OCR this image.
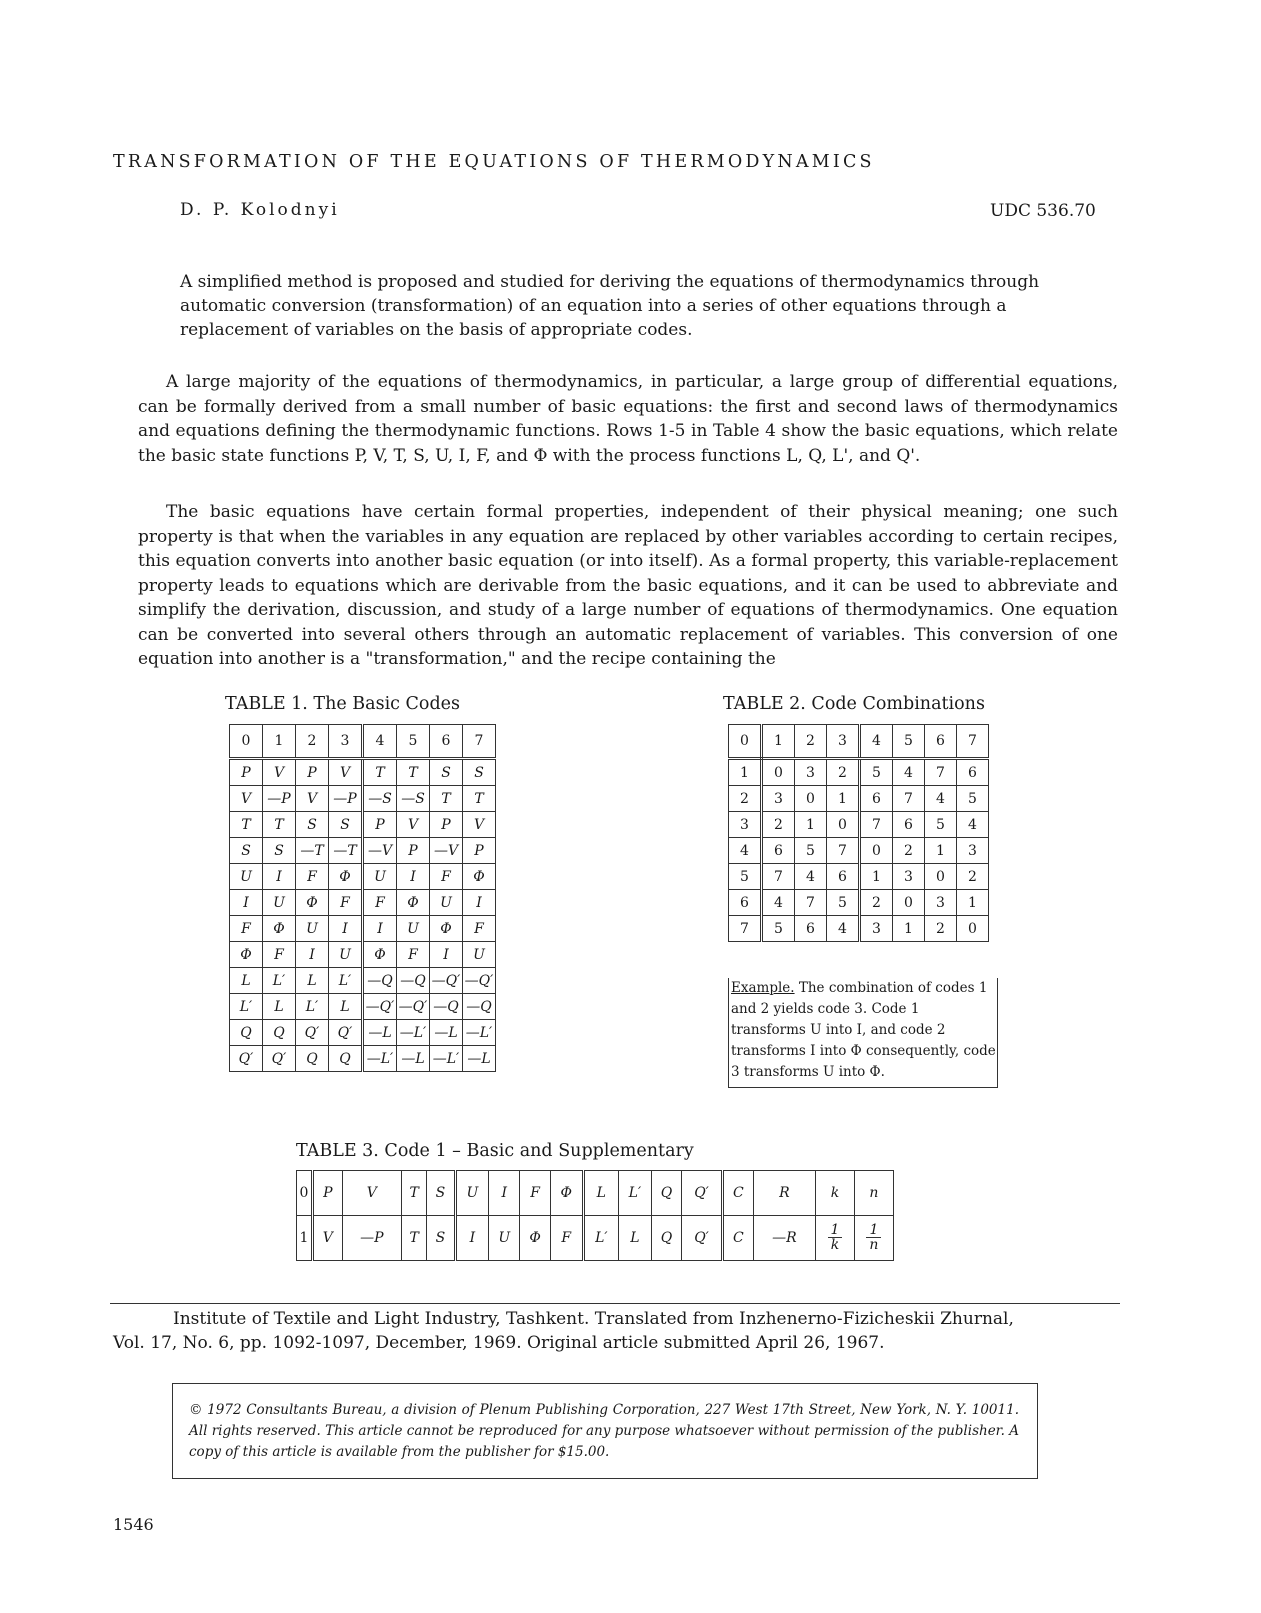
TRANSFORMATION OF THE EQUATIONS OF THERMODYNAMICS
D. P. Kolodnyi	UDC 536.70
A simplified method is proposed and studied for deriving the equations of thermodynamics through automatic conversion (transformation) of an equation into a series of other equations through a replacement of variables on the basis of appropriate codes.

A large majority of the equations of thermodynamics, in particular, a large group of differential equations, can be formally derived from a small number of basic equations: the first and second laws of thermodynamics and equations defining the thermodynamic functions. Rows 1-5 in Table 4 show the basic equations, which relate the basic state functions P, V, T, S, U, I, F, and Φ with the process functions L, Q, L', and Q'.

The basic equations have certain formal properties, independent of their physical meaning; one such property is that when the variables in any equation are replaced by other variables according to certain recipes, this equation converts into another basic equation (or into itself). As a formal property, this variable-replacement property leads to equations which are derivable from the basic equations, and it can be used to abbreviate and simplify the derivation, discussion, and study of a large number of equations of thermodynamics. One equation can be converted into several others through an automatic replacement of variables. This conversion of one equation into another is a "transformation," and the recipe containing the

TABLE 1. The Basic Codes
0	1	2	3	4	5	6	7
P	V	P	V	T	T	S	S
V	—P	V	—P	—S	—S	T	T
T	T	S	S	P	V	P	V
S	S	—T	—T	—V	P	—V	P
U	I	F	Φ	U	I	F	Φ
I	U	Φ	F	F	Φ	U	I
F	Φ	U	I	I	U	Φ	F
Φ	F	I	U	Φ	F	I	U
L	L′	L	L′	—Q	—Q	—Q′	—Q′
L′	L	L′	L	—Q′	—Q′	—Q	—Q
Q	Q	Q′	Q′	—L	—L′	—L	—L′
Q′	Q′	Q	Q	—L′	—L	—L′	—L
TABLE 2. Code Combinations
0	1	2	3	4	5	6	7
1	0	3	2	5	4	7	6
2	3	0	1	6	7	4	5
3	2	1	0	7	6	5	4
4	6	5	7	0	2	1	3
5	7	4	6	1	3	0	2
6	4	7	5	2	0	3	1
7	5	6	4	3	1	2	0
Example. The combination of codes 1 and 2 yields code 3. Code 1 transforms U into I, and code 2 transforms I into Φ consequently, code 3 transforms U into Φ.
TABLE 3. Code 1 – Basic and Supplementary
0	P	V	T	S	U	I	F	Φ	L	L′	Q	Q′	C	R	k	n
1	V	—P	T	S	I	U	Φ	F	L′	L	Q	Q′	C	—R	$\frac{1}{k}$	$\frac{1}{n}$
Institute of Textile and Light Industry, Tashkent. Translated from Inzhenerno-Fizicheskii Zhurnal,
Vol. 17, No. 6, pp. 1092-1097, December, 1969. Original article submitted April 26, 1967.
© 1972 Consultants Bureau, a division of Plenum Publishing Corporation, 227 West 17th Street, New York, N. Y. 10011. All rights reserved. This article cannot be reproduced for any purpose whatsoever without permission of the publisher. A copy of this article is available from the publisher for $15.00.
1546
